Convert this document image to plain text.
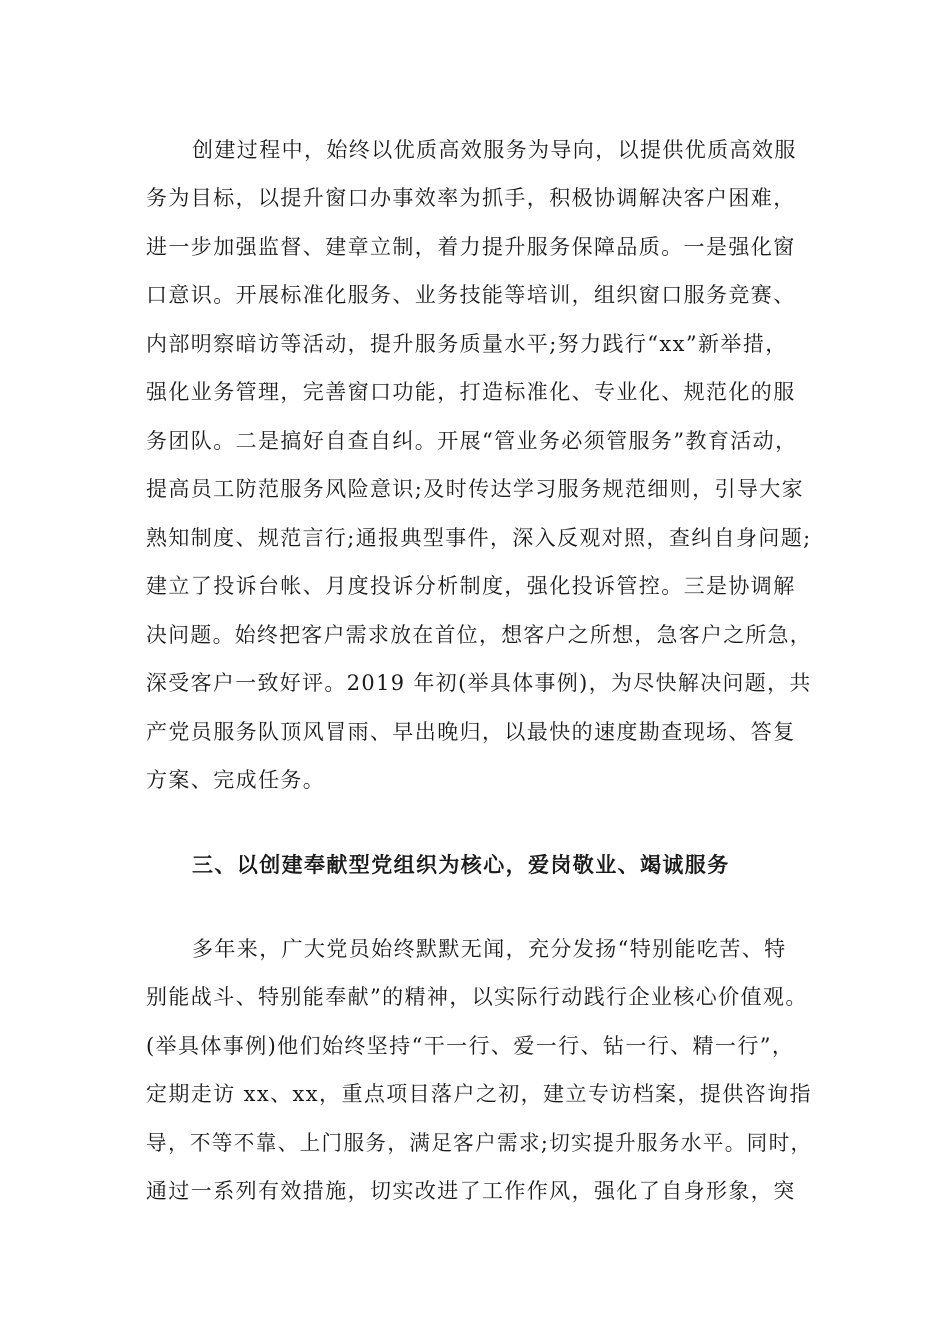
创建过程中，始终以优质高效服务为导向，以提供优质高效服
务为目标，以提升窗口办事效率为抓手，积极协调解决客户困难，
进一步加强监督、建章立制，着力提升服务保障品质。一是强化窗
口意识。开展标准化服务、业务技能等培训，组织窗口服务竞赛、
内部明察暗访等活动，提升服务质量水平;努力践行“xx”新举措，
强化业务管理，完善窗口功能，打造标准化、专业化、规范化的服
务团队。二是搞好自查自纠。开展“管业务必须管服务”教育活动，
提高员工防范服务风险意识;及时传达学习服务规范细则，引导大家
熟知制度、规范言行;通报典型事件，深入反观对照，查纠自身问题;
建立了投诉台帐、月度投诉分析制度，强化投诉管控。三是协调解
决问题。始终把客户需求放在首位，想客户之所想，急客户之所急，
深受客户一致好评。2019 年初(举具体事例)，为尽快解决问题，共
产党员服务队顶风冒雨、早出晚归，以最快的速度勘查现场、答复
方案、完成任务。
三、以创建奉献型党组织为核心，爱岗敬业、竭诚服务
多年来，广大党员始终默默无闻，充分发扬“特别能吃苦、特
别能战斗、特别能奉献”的精神，以实际行动践行企业核心价值观。
(举具体事例)他们始终坚持“干一行、爱一行、钻一行、精一行”，
定期走访 xx、xx，重点项目落户之初，建立专访档案，提供咨询指
导，不等不靠、上门服务，满足客户需求;切实提升服务水平。同时，
通过一系列有效措施，切实改进了工作作风，强化了自身形象，突
